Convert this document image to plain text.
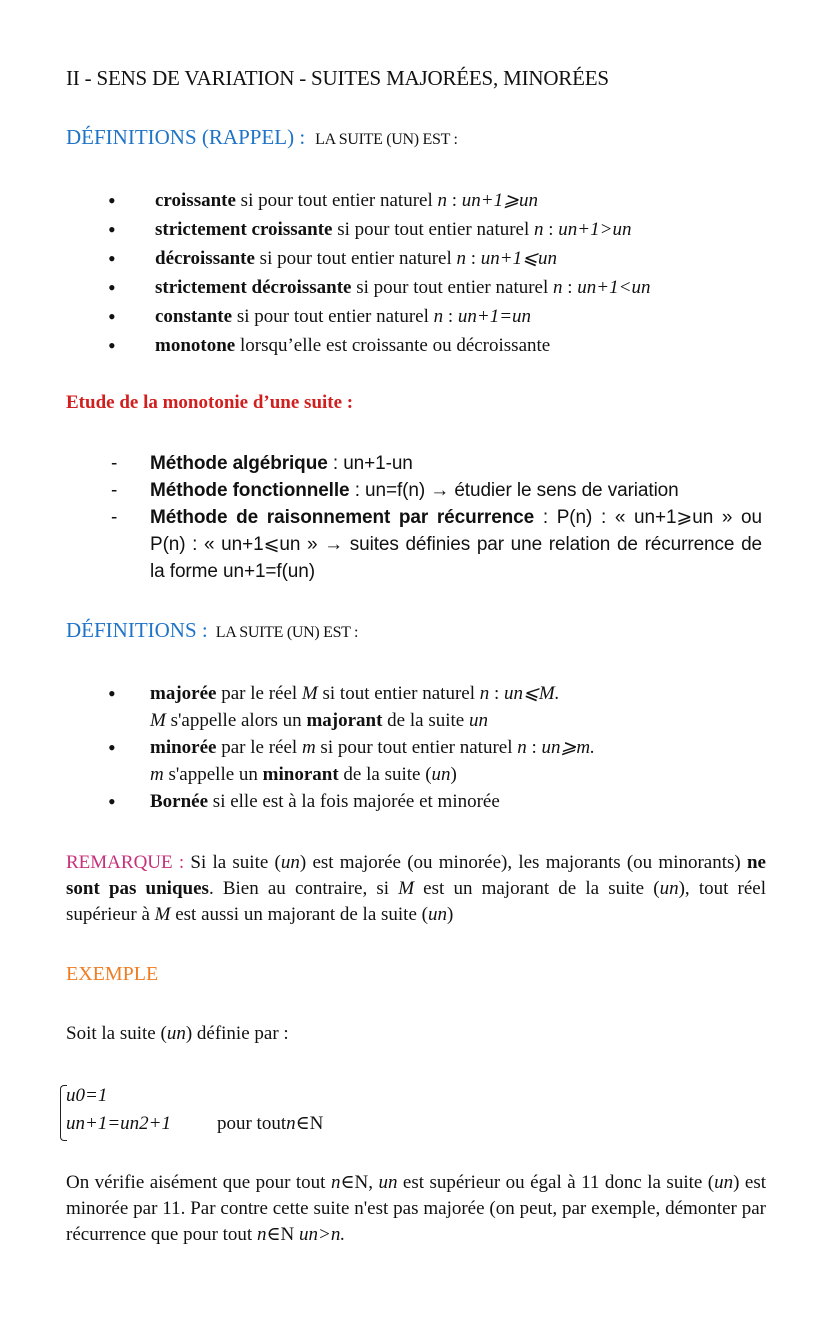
II - SENS DE VARIATION - SUITES MAJORÉES, MINORÉES
DÉFINITIONS (RAPPEL) : LA SUITE (UN) EST :
• croissante si pour tout entier naturel n : un+1⩾un
• strictement croissante si pour tout entier naturel n : un+1>un
• décroissante si pour tout entier naturel n : un+1⩽un
• strictement décroissante si pour tout entier naturel n : un+1<un
• constante si pour tout entier naturel n : un+1=un
• monotone lorsqu’elle est croissante ou décroissante
Etude de la monotonie d’une suite :
- Méthode algébrique : un+1-un
- Méthode fonctionnelle : un=f(n) → étudier le sens de variation
- Méthode de raisonnement par récurrence : P(n) : « un+1⩾un » ou P(n) : « un+1⩽un » → suites définies par une relation de récurrence de la forme un+1=f(un)
DÉFINITIONS : LA SUITE (UN) EST :
• majorée par le réel M si tout entier naturel n : un⩽M.
M s'appelle alors un majorant de la suite un
• minorée par le réel m si pour tout entier naturel n : un⩾m.
m s'appelle un minorant de la suite (un)
• Bornée si elle est à la fois majorée et minorée
REMARQUE : Si la suite (un) est majorée (ou minorée), les majorants (ou minorants) ne sont pas uniques. Bien au contraire, si M est un majorant de la suite (un), tout réel supérieur à M est aussi un majorant de la suite (un)
EXEMPLE
Soit la suite (un) définie par :
u0=1
un+1=un2+1 pour toutn∈N
On vérifie aisément que pour tout n∈N, un est supérieur ou égal à 11 donc la suite (un) est minorée par 11. Par contre cette suite n'est pas majorée (on peut, par exemple, démonter par récurrence que pour tout n∈N un>n.
